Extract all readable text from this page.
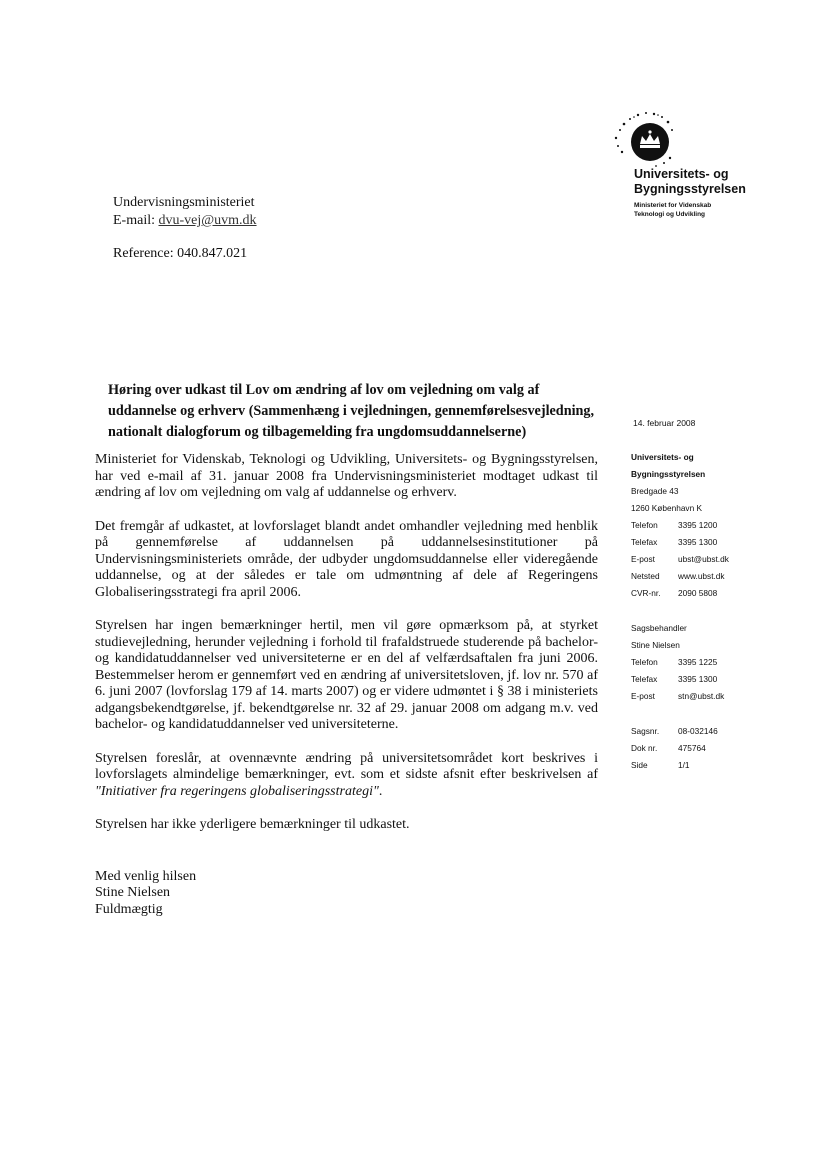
Universitets- og
Bygningsstyrelsen
Ministeriet for Videnskab
Teknologi og Udvikling
Undervisningsministeriet
E-mail: dvu-vej@uvm.dk
Reference: 040.847.021
Høring over udkast til Lov om ændring af lov om vejledning om valg af uddannelse og erhverv (Sammenhæng i vejledningen, gennemførelsesvejledning, nationalt dialogforum og tilbagemelding fra ungdomsuddannelserne)
14. februar 2008

Ministeriet for Videnskab, Teknologi og Udvikling, Universitets- og Bygningsstyrelsen, har ved e-mail af 31. januar 2008 fra Undervisningsministeriet modtaget udkast til ændring af lov om vejledning om valg af uddannelse og erhverv.

Det fremgår af udkastet, at lovforslaget blandt andet omhandler vejledning med henblik på gennemførelse af uddannelsen på uddannelsesinstitutioner på Undervisningsministeriets område, der udbyder ungdomsuddannelse eller videregående uddannelse, og at der således er tale om udmøntning af dele af Regeringens Globaliseringsstrategi fra april 2006.

Styrelsen har ingen bemærkninger hertil, men vil gøre opmærksom på, at styrket studievejledning, herunder vejledning i forhold til frafaldstruede studerende på bachelor- og kandidatuddannelser ved universiteterne er en del af velfærdsaftalen fra juni 2006. Bestemmelser herom er gennemført ved en ændring af universitetsloven, jf. lov nr. 570 af 6. juni 2007 (lovforslag 179 af 14. marts 2007) og er videre udmøntet i § 38 i ministeriets adgangsbekendtgørelse, jf. bekendtgørelse nr. 32 af 29. januar 2008 om adgang m.v. ved bachelor- og kandidatuddannelser ved universiteterne.

Styrelsen foreslår, at ovennævnte ændring på universitetsområdet kort beskrives i lovforslagets almindelige bemærkninger, evt. som et sidste afsnit efter beskrivelsen af "Initiativer fra regeringens globaliseringsstrategi".

Styrelsen har ikke yderligere bemærkninger til udkastet.

Med venlig hilsen

Stine Nielsen

Fuldmægtig

Universitets- og
Bygningsstyrelsen
Bredgade 43
1260 København K
Telefon	3395 1200
Telefax	3395 1300
E-post	ubst@ubst.dk
Netsted	www.ubst.dk
CVR-nr.	2090 5808
Sagsbehandler
Stine Nielsen
Telefon	3395 1225
Telefax	3395 1300
E-post	stn@ubst.dk
Sagsnr.	08-032146
Dok nr.	475764
Side	1/1
